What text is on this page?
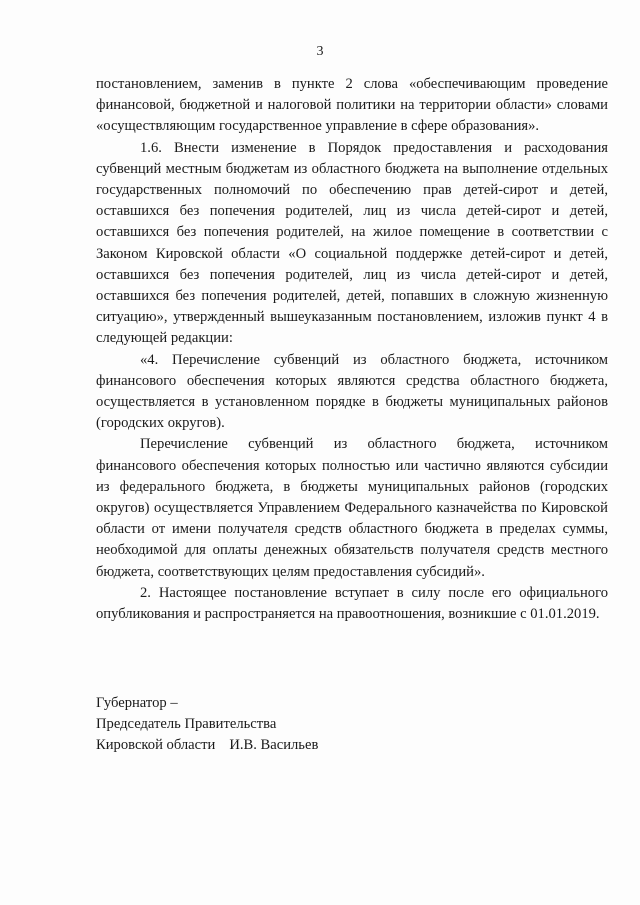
3

постановлением, заменив в пункте 2 слова «обеспечивающим проведение финансовой, бюджетной и налоговой политики на территории области» словами «осуществляющим государственное управление в сфере образования».

1.6. Внести изменение в Порядок предоставления и расходования субвенций местным бюджетам из областного бюджета на выполнение отдельных государственных полномочий по обеспечению прав детей-сирот и детей, оставшихся без попечения родителей, лиц из числа детей-сирот и детей, оставшихся без попечения родителей, на жилое помещение в соответствии с Законом Кировской области «О социальной поддержке детей-сирот и детей, оставшихся без попечения родителей, лиц из числа детей-сирот и детей, оставшихся без попечения родителей, детей, попавших в сложную жизненную ситуацию», утвержденный вышеуказанным постановлением, изложив пункт 4 в следующей редакции:

«4. Перечисление субвенций из областного бюджета, источником финансового обеспечения которых являются средства областного бюджета, осуществляется в установленном порядке в бюджеты муниципальных районов (городских округов).

Перечисление субвенций из областного бюджета, источником финансового обеспечения которых полностью или частично являются субсидии из федерального бюджета, в бюджеты муниципальных районов (городских округов) осуществляется Управлением Федерального казначейства по Кировской области от имени получателя средств областного бюджета в пределах суммы, необходимой для оплаты денежных обязательств получателя средств местного бюджета, соответствующих целям предоставления субсидий».

2. Настоящее постановление вступает в силу после его официального опубликования и распространяется на правоотношения, возникшие с 01.01.2019.

Губернатор –
Председатель Правительства
Кировской области И.В. Васильев
